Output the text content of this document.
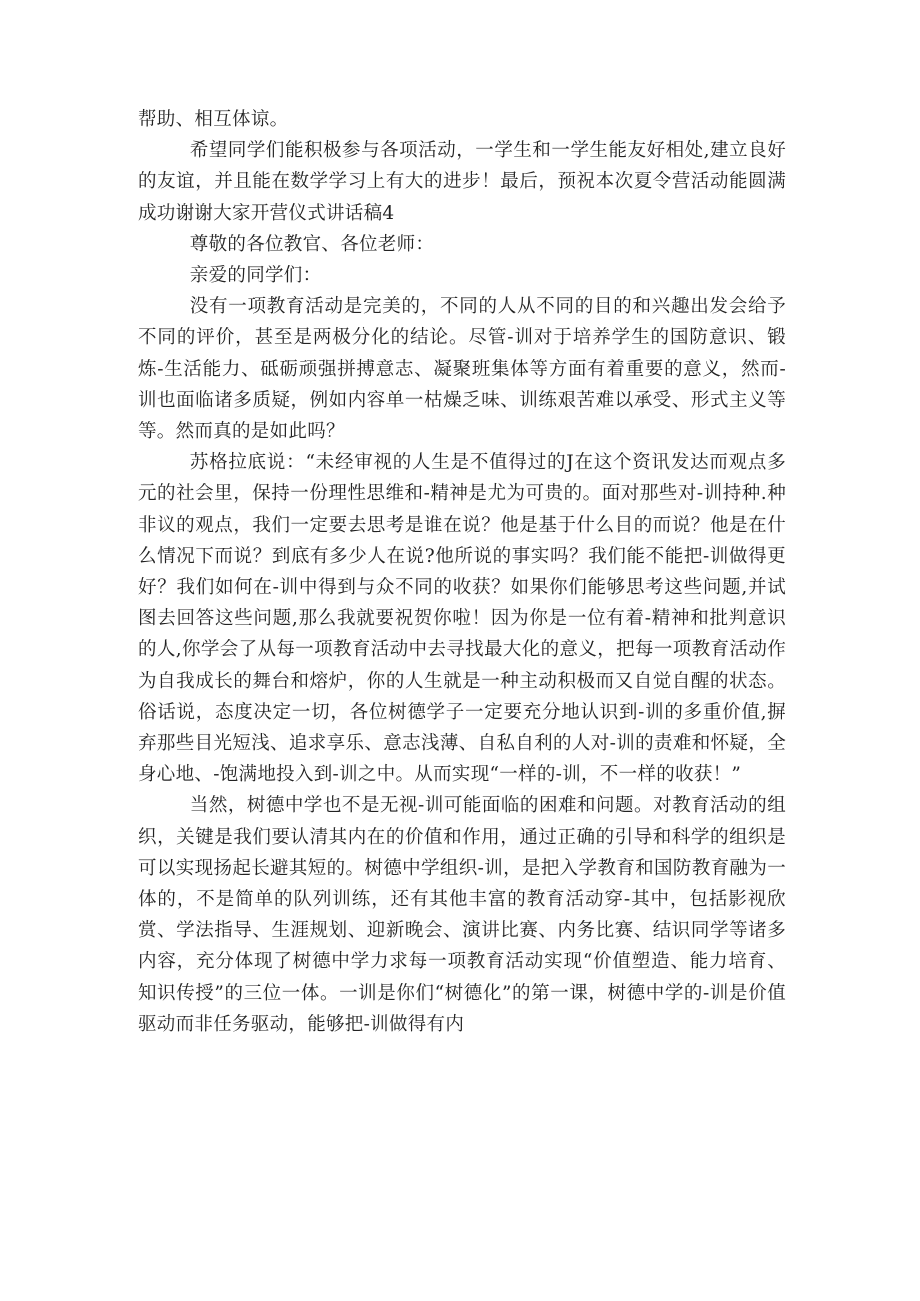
帮助、相互体谅。

希望同学们能积极参与各项活动，一学生和一学生能友好相处,建立良好的友谊，并且能在数学学习上有大的进步！最后，预祝本次夏令营活动能圆满成功谢谢大家开营仪式讲话稿4

尊敬的各位教官、各位老师：

亲爱的同学们：

没有一项教育活动是完美的，不同的人从不同的目的和兴趣出发会给予不同的评价，甚至是两极分化的结论。尽管-训对于培养学生的国防意识、锻炼-生活能力、砥砺顽强拼搏意志、凝聚班集体等方面有着重要的意义，然而-训也面临诸多质疑，例如内容单一枯燥乏味、训练艰苦难以承受、形式主义等等。然而真的是如此吗？

苏格拉底说：“未经审视的人生是不值得过的J在这个资讯发达而观点多元的社会里，保持一份理性思维和-精神是尤为可贵的。面对那些对-训持种.种非议的观点，我们一定要去思考是谁在说？他是基于什么目的而说？他是在什么情况下而说？到底有多少人在说?他所说的事实吗？我们能不能把-训做得更好？我们如何在-训中得到与众不同的收获？如果你们能够思考这些问题,并试图去回答这些问题,那么我就要祝贺你啦！因为你是一位有着-精神和批判意识的人,你学会了从每一项教育活动中去寻找最大化的意义，把每一项教育活动作为自我成长的舞台和熔炉，你的人生就是一种主动积极而又自觉自醒的状态。俗话说，态度决定一切，各位树德学子一定要充分地认识到-训的多重价值,摒弃那些目光短浅、追求享乐、意志浅薄、自私自利的人对-训的责难和怀疑，全身心地、-饱满地投入到-训之中。从而实现“一样的-训，不一样的收获！”

当然，树德中学也不是无视-训可能面临的困难和问题。对教育活动的组织，关键是我们要认清其内在的价值和作用，通过正确的引导和科学的组织是可以实现扬起长避其短的。树德中学组织-训，是把入学教育和国防教育融为一体的，不是简单的队列训练，还有其他丰富的教育活动穿-其中，包括影视欣赏、学法指导、生涯规划、迎新晚会、演讲比赛、内务比赛、结识同学等诸多内容，充分体现了树德中学力求每一项教育活动实现“价值塑造、能力培育、知识传授”的三位一体。一训是你们“树德化”的第一课，树德中学的-训是价值驱动而非任务驱动，能够把-训做得有内
